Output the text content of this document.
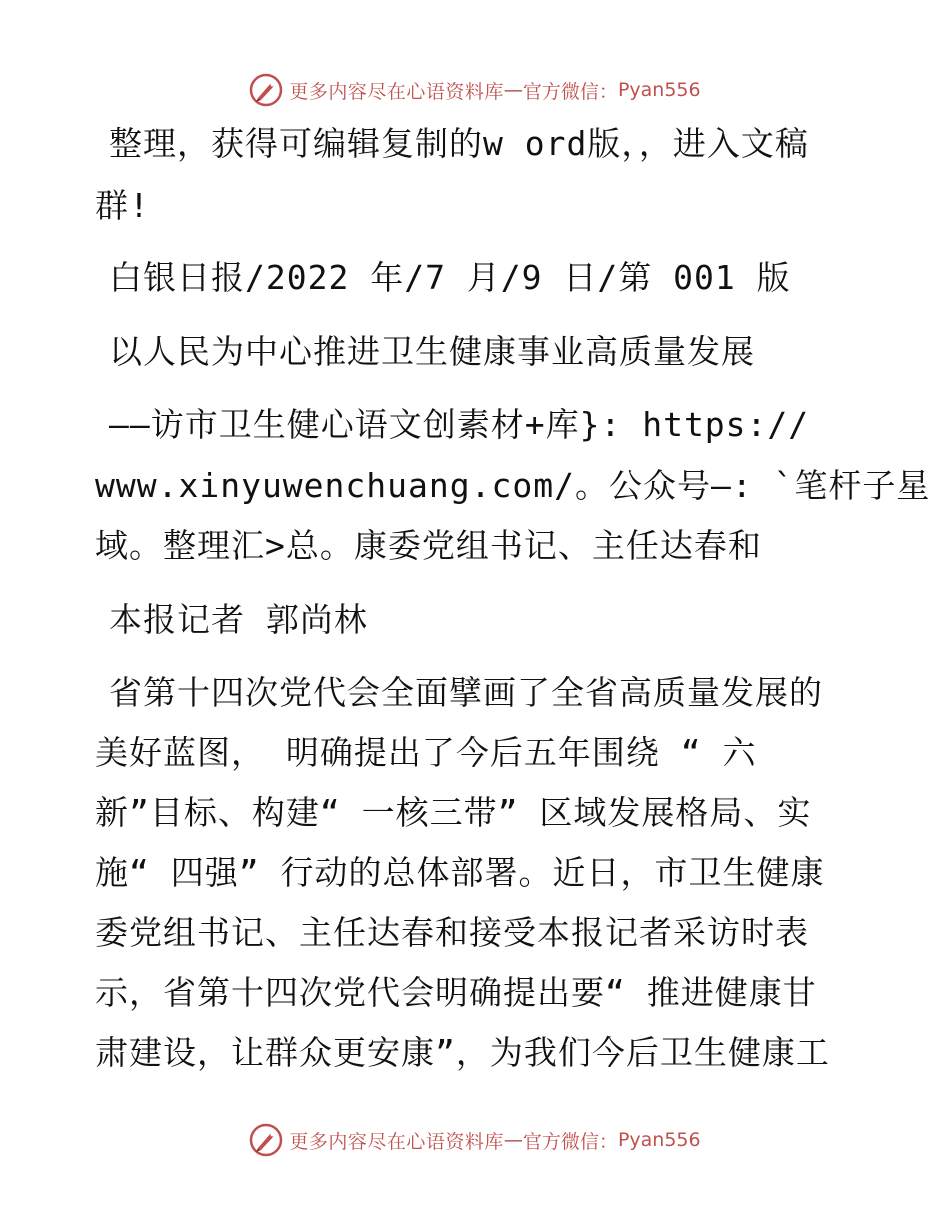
更多内容尽在心语资料库 — 官方微信： Pyan556
整理，获得可编辑复制的w ord版，，进入文稿
群!
白银日报/2022 年/7 月/9 日/第 001 版
以人民为中心推进卫生健康事业高质量发展
——访市卫生健心语文创素材+库}: https://
www.xinyuwenchuang.com/。公众号—: `笔杆子星
域。整理汇>总。康委党组书记、主任达春和
本报记者 郭尚林
省第十四次党代会全面擘画了全省高质量发展的
美好蓝图， 明确提出了今后五年围绕 “ 六
新”目标、构建“ 一核三带” 区域发展格局、实
施“ 四强” 行动的总体部署。近日，市卫生健康
委党组书记、主任达春和接受本报记者采访时表
示，省第十四次党代会明确提出要“ 推进健康甘
肃建设，让群众更安康”，为我们今后卫生健康工
更多内容尽在心语资料库 — 官方微信： Pyan556
